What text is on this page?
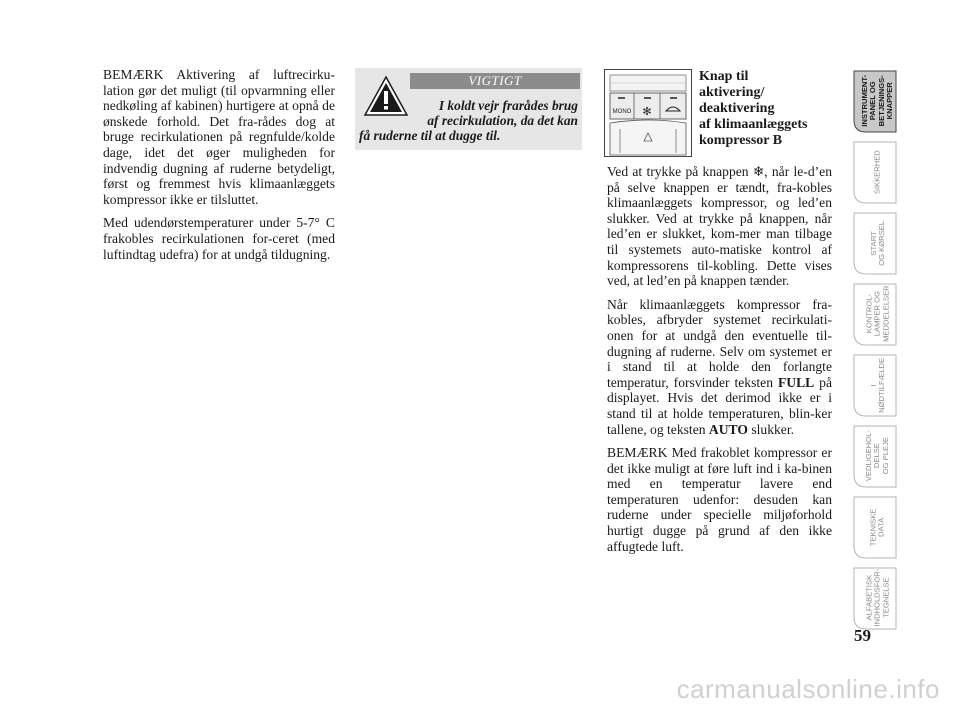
BEMÆRK Aktivering af luftrecirku-lation gør det muligt (til opvarmning eller nedkøling af kabinen) hurtigere at opnå de ønskede forhold. Det fra-rådes dog at bruge recirkulationen på regnfulde/kolde dage, idet det øger muligheden for indvendig dugning af ruderne betydeligt, først og fremmest hvis klimaanlæggets kompressor ikke er tilsluttet.

Med udendørstemperaturer under 5-7° C frakobles recirkulationen for-ceret (med luftindtag udefra) for at undgå tildugning.

VIGTIGT
I koldt vejr frarådes brug
af recirkulation, da det kan
få ruderne til at dugge til.
MONO ✻
Knap til
aktivering/
deaktivering
af klimaanlæggets
kompressor B

Ved at trykke på knappen ❄, når le-d’en på selve knappen er tændt, fra-kobles klimaanlæggets kompressor, og led’en slukker. Ved at trykke på knappen, når led’en er slukket, kom-mer man tilbage til systemets auto-matiske kontrol af kompressorens til-kobling. Dette vises ved, at led’en på knappen tænder.

Når klimaanlæggets kompressor fra-kobles, afbryder systemet recirkulati-onen for at undgå den eventuelle til-dugning af ruderne. Selv om systemet er i stand til at holde den forlangte temperatur, forsvinder teksten FULL på displayet. Hvis det derimod ikke er i stand til at holde temperaturen, blin-ker tallene, og teksten AUTO slukker.

BEMÆRK Med frakoblet kompressor er det ikke muligt at føre luft ind i ka-binen med en temperatur lavere end temperaturen udenfor: desuden kan ruderne under specielle miljøforhold hurtigt dugge på grund af den ikke affugtede luft.

INSTRUMENT- PANEL OG BETJENINGS- KNAPPER
SIKKERHED
START OG KØRSEL
KONTROL- LAMPER OG MEDDELELSER
I NØDTILFÆLDE
VEDLIGEHOL- DELSE OG PLEJE
TEKNISKE DATA
ALFABETISK INDHOLDSFOR- TEGNELSE
59
carmanualsonline.info
